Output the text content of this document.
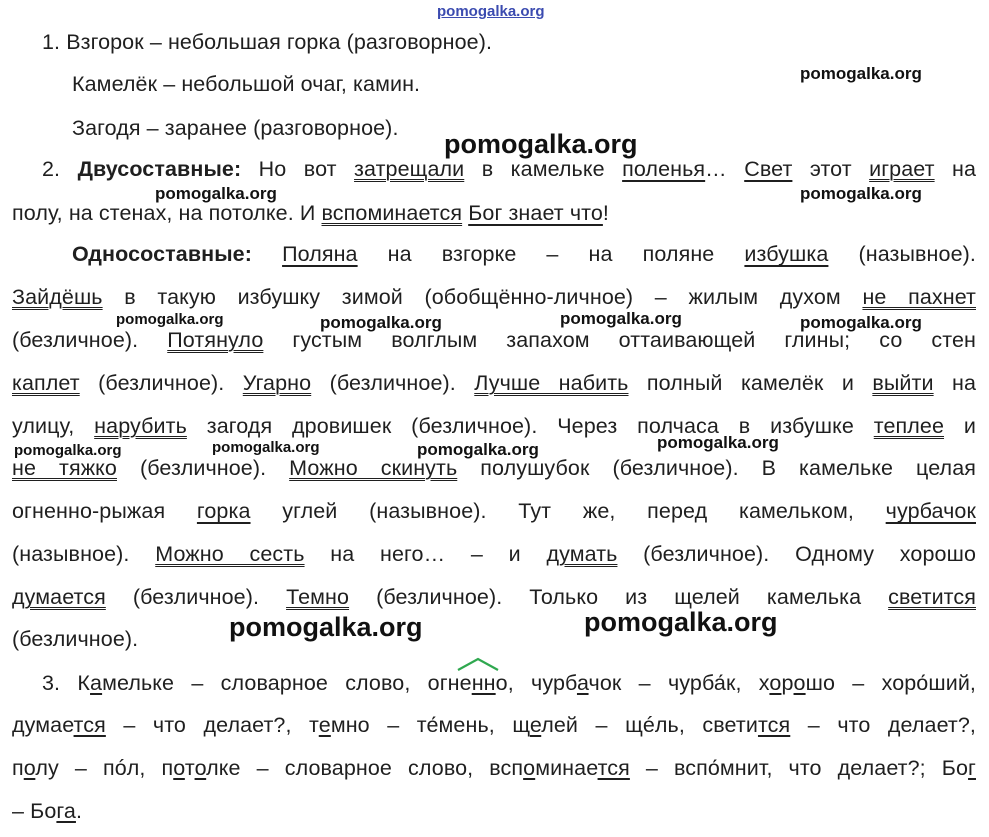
pomogalka.org
pomogalka.org
pomogalka.org
pomogalka.org	pomogalka.org
pomogalka.org	pomogalka.org	pomogalka.org	pomogalka.org
pomogalka.org
pomogalka.org	pomogalka.org	pomogalka.org
pomogalka.org	pomogalka.org
1. Взгорок – небольшая горка (разговорное).
Камелёк – небольшой очаг, камин.
Загодя – заранее (разговорное).
2. Двусоставные: Но вот затрещали в камельке поленья… Свет этот играет на
полу, на стенах, на потолке. И вспоминается Бог знает что!
Односоставные: Поляна на взгорке – на поляне избушка (назывное).
Зайдёшь в такую избушку зимой (обобщённо-личное) – жилым духом не пахнет
(безличное). Потянуло густым волглым запахом оттаивающей глины; со стен
каплет (безличное). Угарно (безличное). Лучше набить полный камелёк и выйти на
улицу, нарубить загодя дровишек (безличное). Через полчаса в избушке теплее и
не тяжко (безличное). Можно скинуть полушубок (безличное). В камельке целая
огненно-рыжая горка углей (назывное). Тут же, перед камельком, чурбачок
(назывное). Можно сесть на него… – и думать (безличное). Одному хорошо
думается (безличное). Темно (безличное). Только из щелей камелька светится
(безличное).
3. Камельке – словарное слово, огненно, чурбачок – чурба́к, хорошо – хоро́ший,
думается – что делает?, темно – те́мень, щелей – щéль, светится – что делает?,
полу – пóл, потолке – словарное слово, вспоминается – вспо́мнит, что делает?; Бог
– Бога.
